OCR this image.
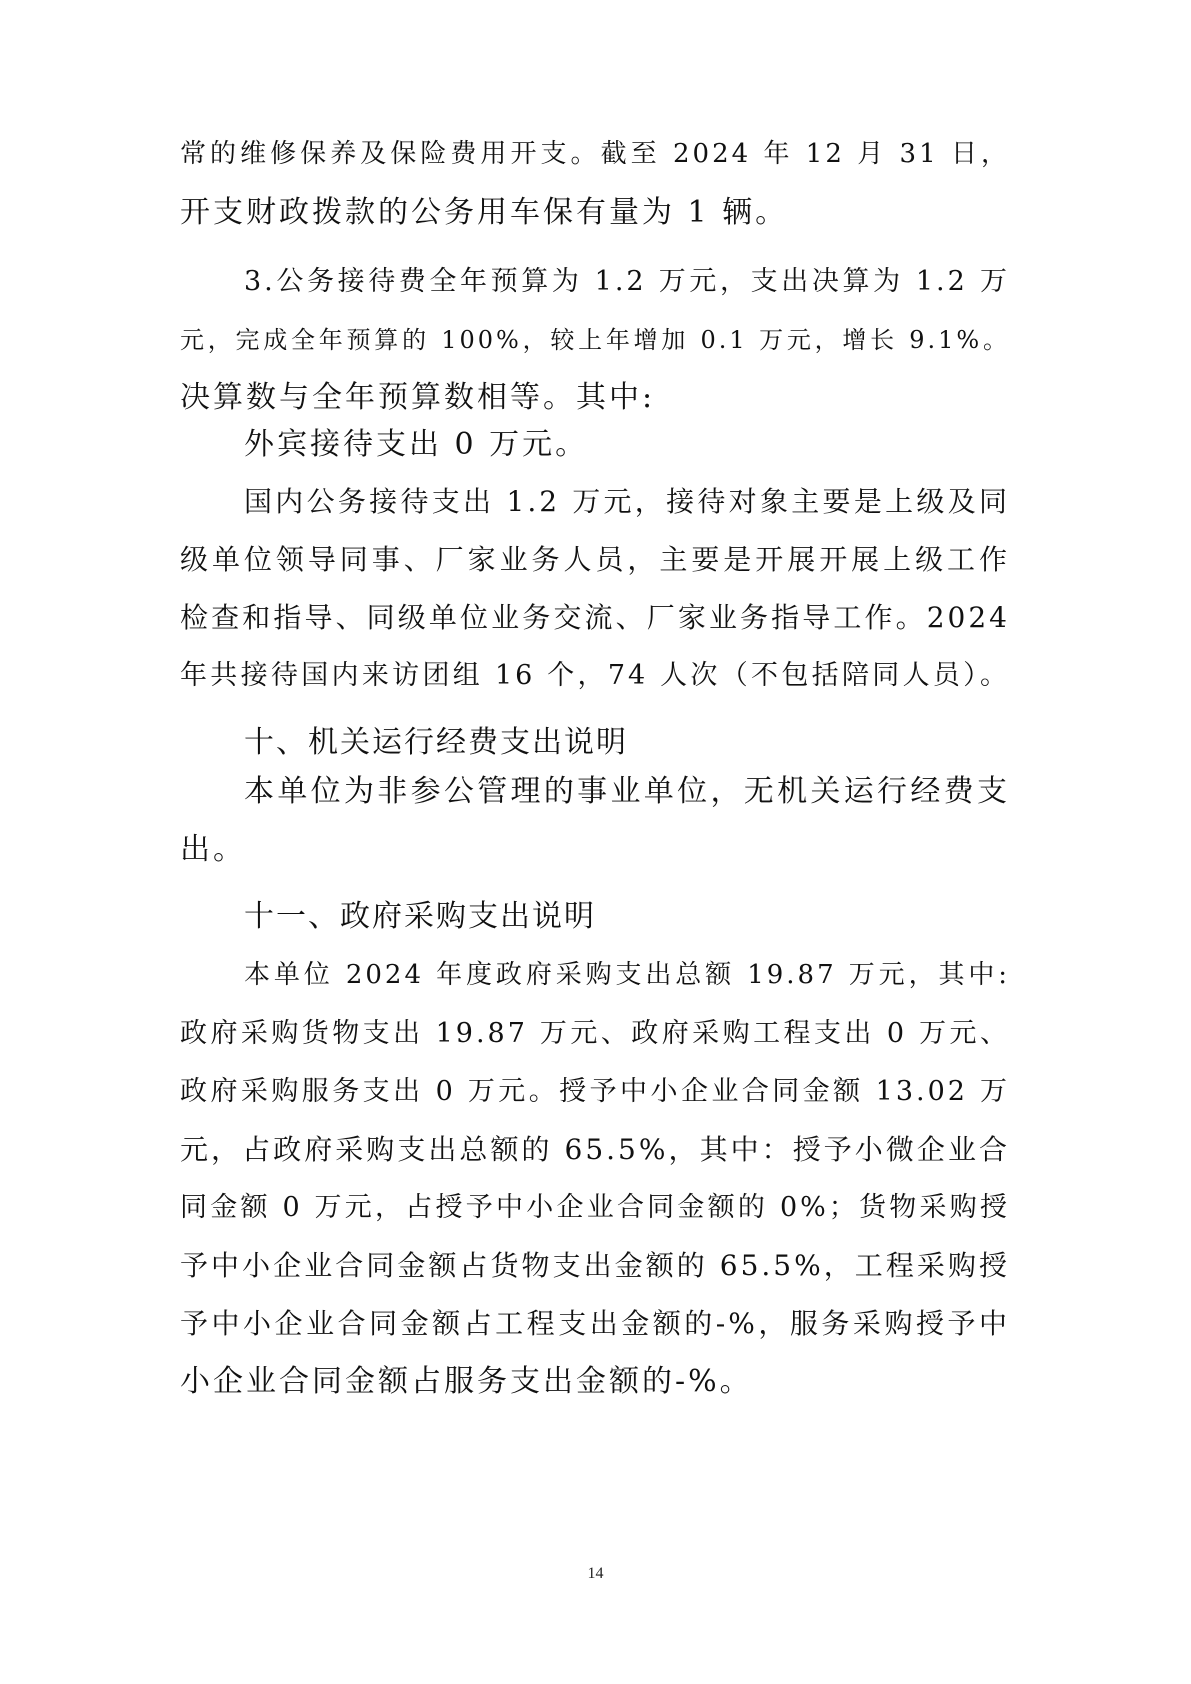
常的维修保养及保险费用开支。截至 2024 年 12 月 31 日，
开支财政拨款的公务用车保有量为 1 辆。
3.公务接待费全年预算为 1.2 万元，支出决算为 1.2 万
元，完成全年预算的 100%，较上年增加 0.1 万元，增长 9.1%。
决算数与全年预算数相等。其中:
外宾接待支出 0 万元。
国内公务接待支出 1.2 万元，接待对象主要是上级及同
级单位领导同事、厂家业务人员，主要是开展开展上级工作
检查和指导、同级单位业务交流、厂家业务指导工作。2024
年共接待国内来访团组 16 个，74 人次（不包括陪同人员）。
十、机关运行经费支出说明
本单位为非参公管理的事业单位，无机关运行经费支
出。
十一、政府采购支出说明
本单位 2024 年度政府采购支出总额 19.87 万元，其中:
政府采购货物支出 19.87 万元、政府采购工程支出 0 万元、
政府采购服务支出 0 万元。授予中小企业合同金额 13.02 万
元，占政府采购支出总额的 65.5%，其中：授予小微企业合
同金额 0 万元，占授予中小企业合同金额的 0%；货物采购授
予中小企业合同金额占货物支出金额的 65.5%，工程采购授
予中小企业合同金额占工程支出金额的-%，服务采购授予中
小企业合同金额占服务支出金额的-%。
14
